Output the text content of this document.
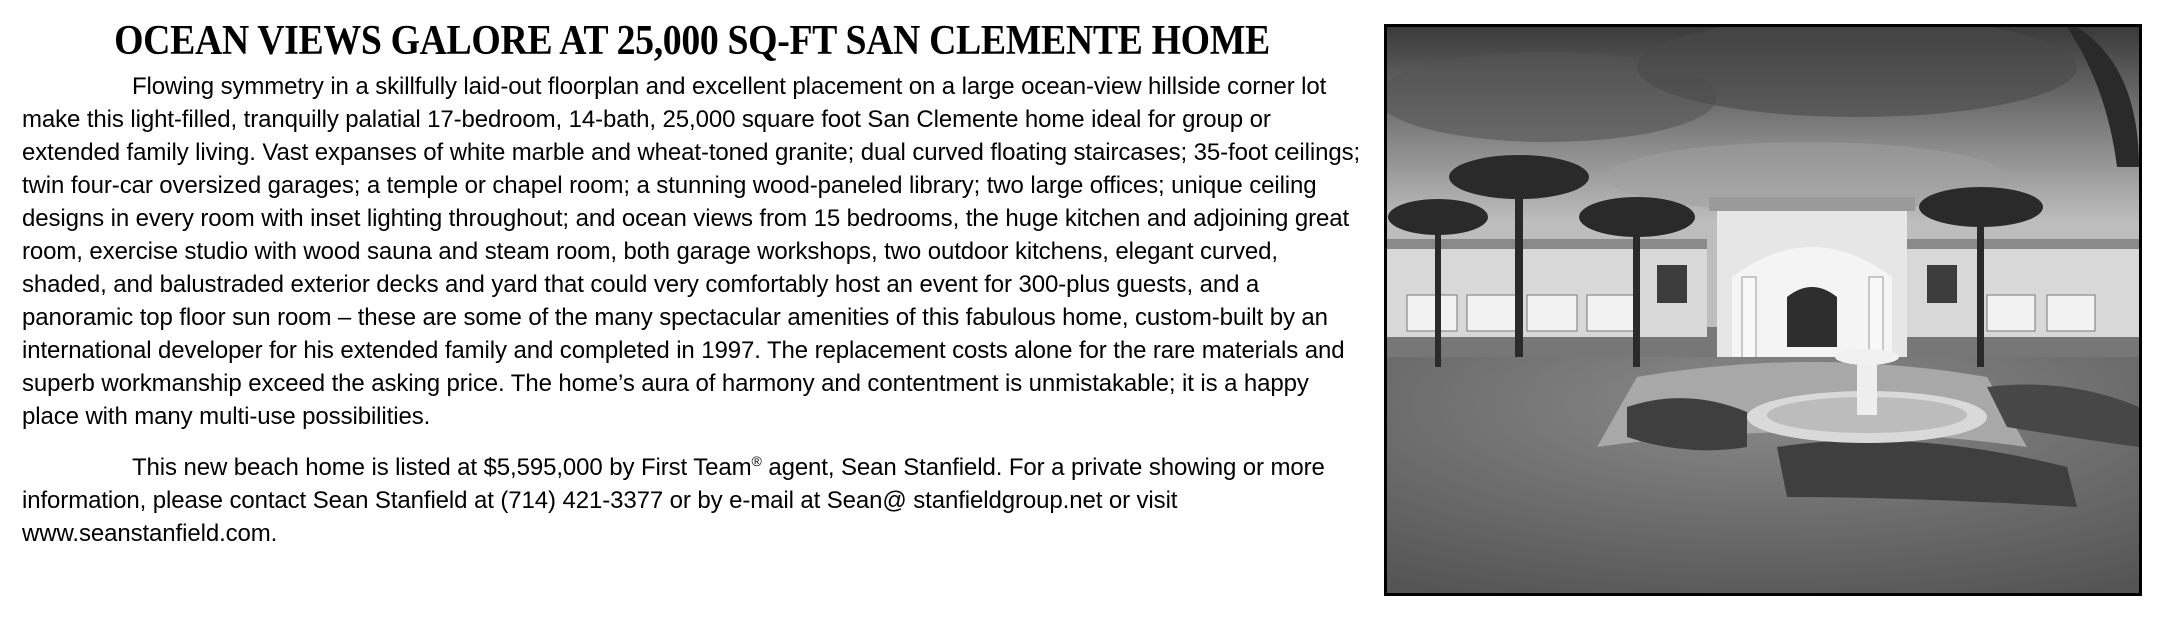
OCEAN VIEWS GALORE AT 25,000 SQ-FT SAN CLEMENTE HOME

Flowing symmetry in a skillfully laid-out floorplan and excellent placement on a large ocean-view hillside corner lot make this light-filled, tranquilly palatial 17-bedroom, 14-bath, 25,000 square foot San Clemente home ideal for group or extended family living. Vast expanses of white marble and wheat-toned granite; dual curved floating staircases; 35-foot ceilings; twin four-car oversized garages; a temple or chapel room; a stunning wood-paneled library; two large offices; unique ceiling designs in every room with inset lighting throughout; and ocean views from 15 bedrooms, the huge kitchen and adjoining great room, exercise studio with wood sauna and steam room, both garage workshops, two outdoor kitchens, elegant curved, shaded, and balustraded exterior decks and yard that could very comfortably host an event for 300-plus guests, and a panoramic top floor sun room – these are some of the many spectacular amenities of this fabulous home, custom-built by an international developer for his extended family and completed in 1997. The replacement costs alone for the rare materials and superb workmanship exceed the asking price. The home’s aura of harmony and contentment is unmistakable; it is a happy place with many multi-use possibilities.

This new beach home is listed at $5,595,000 by First Team® agent, Sean Stanfield. For a private showing or more information, please contact Sean Stanfield at (714) 421-3377 or by e-mail at Sean@ stanfieldgroup.net or visit www.seanstanfield.com.
